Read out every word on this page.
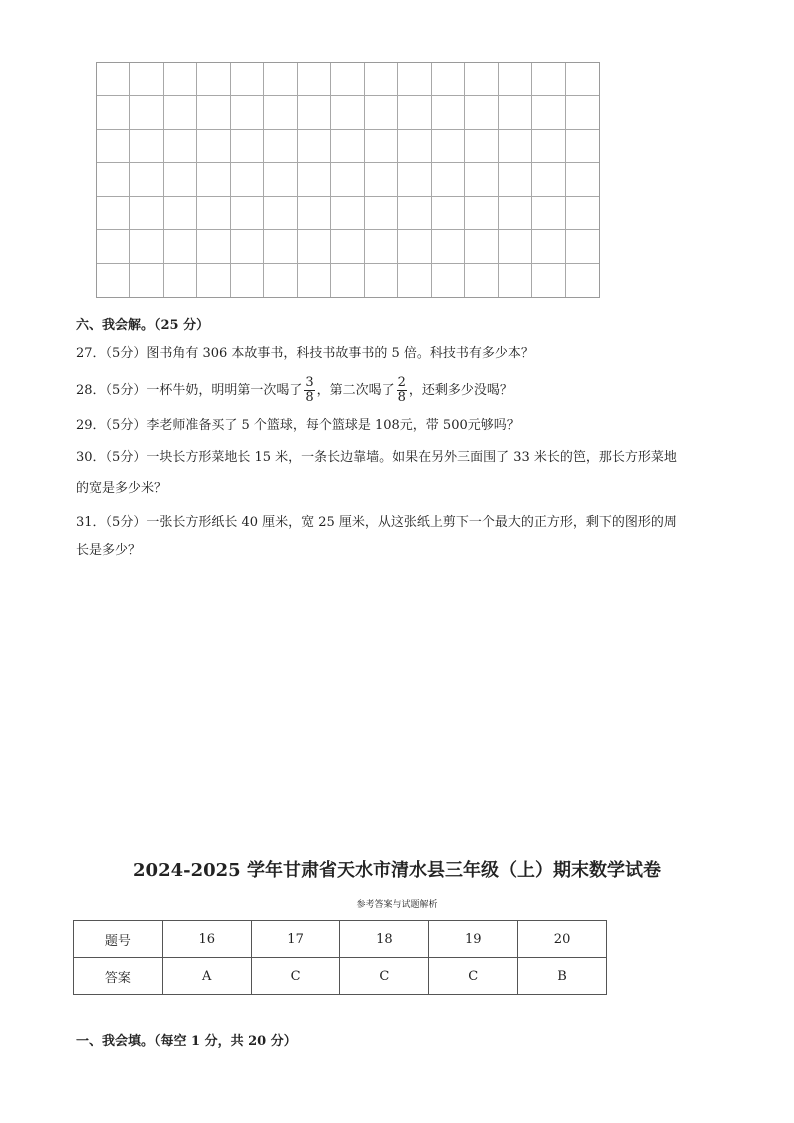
六、我会解。（25 分）
27．（5分）图书角有 306 本故事书，科技书故事书的 5 倍。科技书有多少本？
28．（5分）一杯牛奶，明明第一次喝了 $\frac{3}{8}$ ，第二次喝了 $\frac{2}{8}$ ，还剩多少没喝？
29．（5分）李老师准备买了 5 个篮球，每个篮球是 108元，带 500元够吗？
30．（5分）一块长方形菜地长 15 米，一条长边靠墙。如果在另外三面围了 33 米长的笆，那长方形菜地
的宽是多少米？
31．（5分）一张长方形纸长 40 厘米，宽 25 厘米，从这张纸上剪下一个最大的正方形，剩下的图形的周
长是多少？
2024-2025 学年甘肃省天水市清水县三年级（上）期末数学试卷
参考答案与试题解析
题号	16	17	18	19	20
答案	A	C	C	C	B
一、我会填。（每空 1 分，共 20 分）
